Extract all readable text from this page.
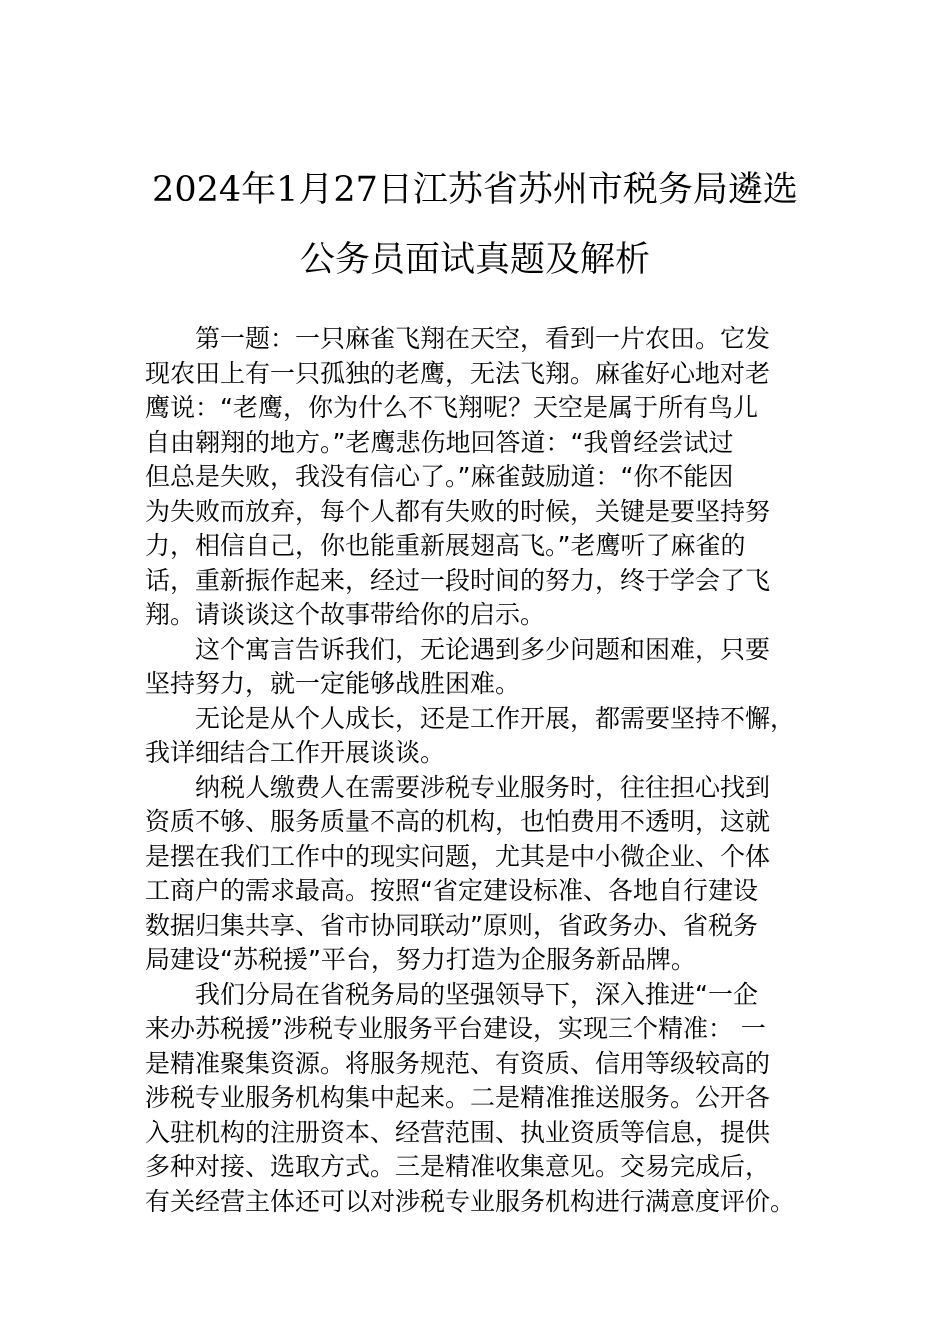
2024年1月27日江苏省苏州市税务局遴选
公务员面试真题及解析

第一题：一只麻雀飞翔在天空，看到一片农田。它发
现农田上有一只孤独的老鹰，无法飞翔。麻雀好心地对老
鹰说：“老鹰，你为什么不飞翔呢？天空是属于所有鸟儿
自由翱翔的地方。”老鹰悲伤地回答道：“我曾经尝试过
但总是失败，我没有信心了。”麻雀鼓励道：“你不能因
为失败而放弃，每个人都有失败的时候，关键是要坚持努
力，相信自己，你也能重新展翅高飞。”老鹰听了麻雀的
话，重新振作起来，经过一段时间的努力，终于学会了飞
翔。请谈谈这个故事带给你的启示。

这个寓言告诉我们，无论遇到多少问题和困难，只要
坚持努力，就一定能够战胜困难。

无论是从个人成长，还是工作开展，都需要坚持不懈，
我详细结合工作开展谈谈。

纳税人缴费人在需要涉税专业服务时，往往担心找到
资质不够、服务质量不高的机构，也怕费用不透明，这就
是摆在我们工作中的现实问题，尤其是中小微企业、个体
工商户的需求最高。按照“省定建设标准、各地自行建设
数据归集共享、省市协同联动”原则，省政务办、省税务
局建设“苏税援”平台，努力打造为企服务新品牌。

我们分局在省税务局的坚强领导下，深入推进“一企
来办苏税援”涉税专业服务平台建设，实现三个精准： 一
是精准聚集资源。将服务规范、有资质、信用等级较高的
涉税专业服务机构集中起来。二是精准推送服务。公开各
入驻机构的注册资本、经营范围、执业资质等信息，提供
多种对接、选取方式。三是精准收集意见。交易完成后，
有关经营主体还可以对涉税专业服务机构进行满意度评价。
